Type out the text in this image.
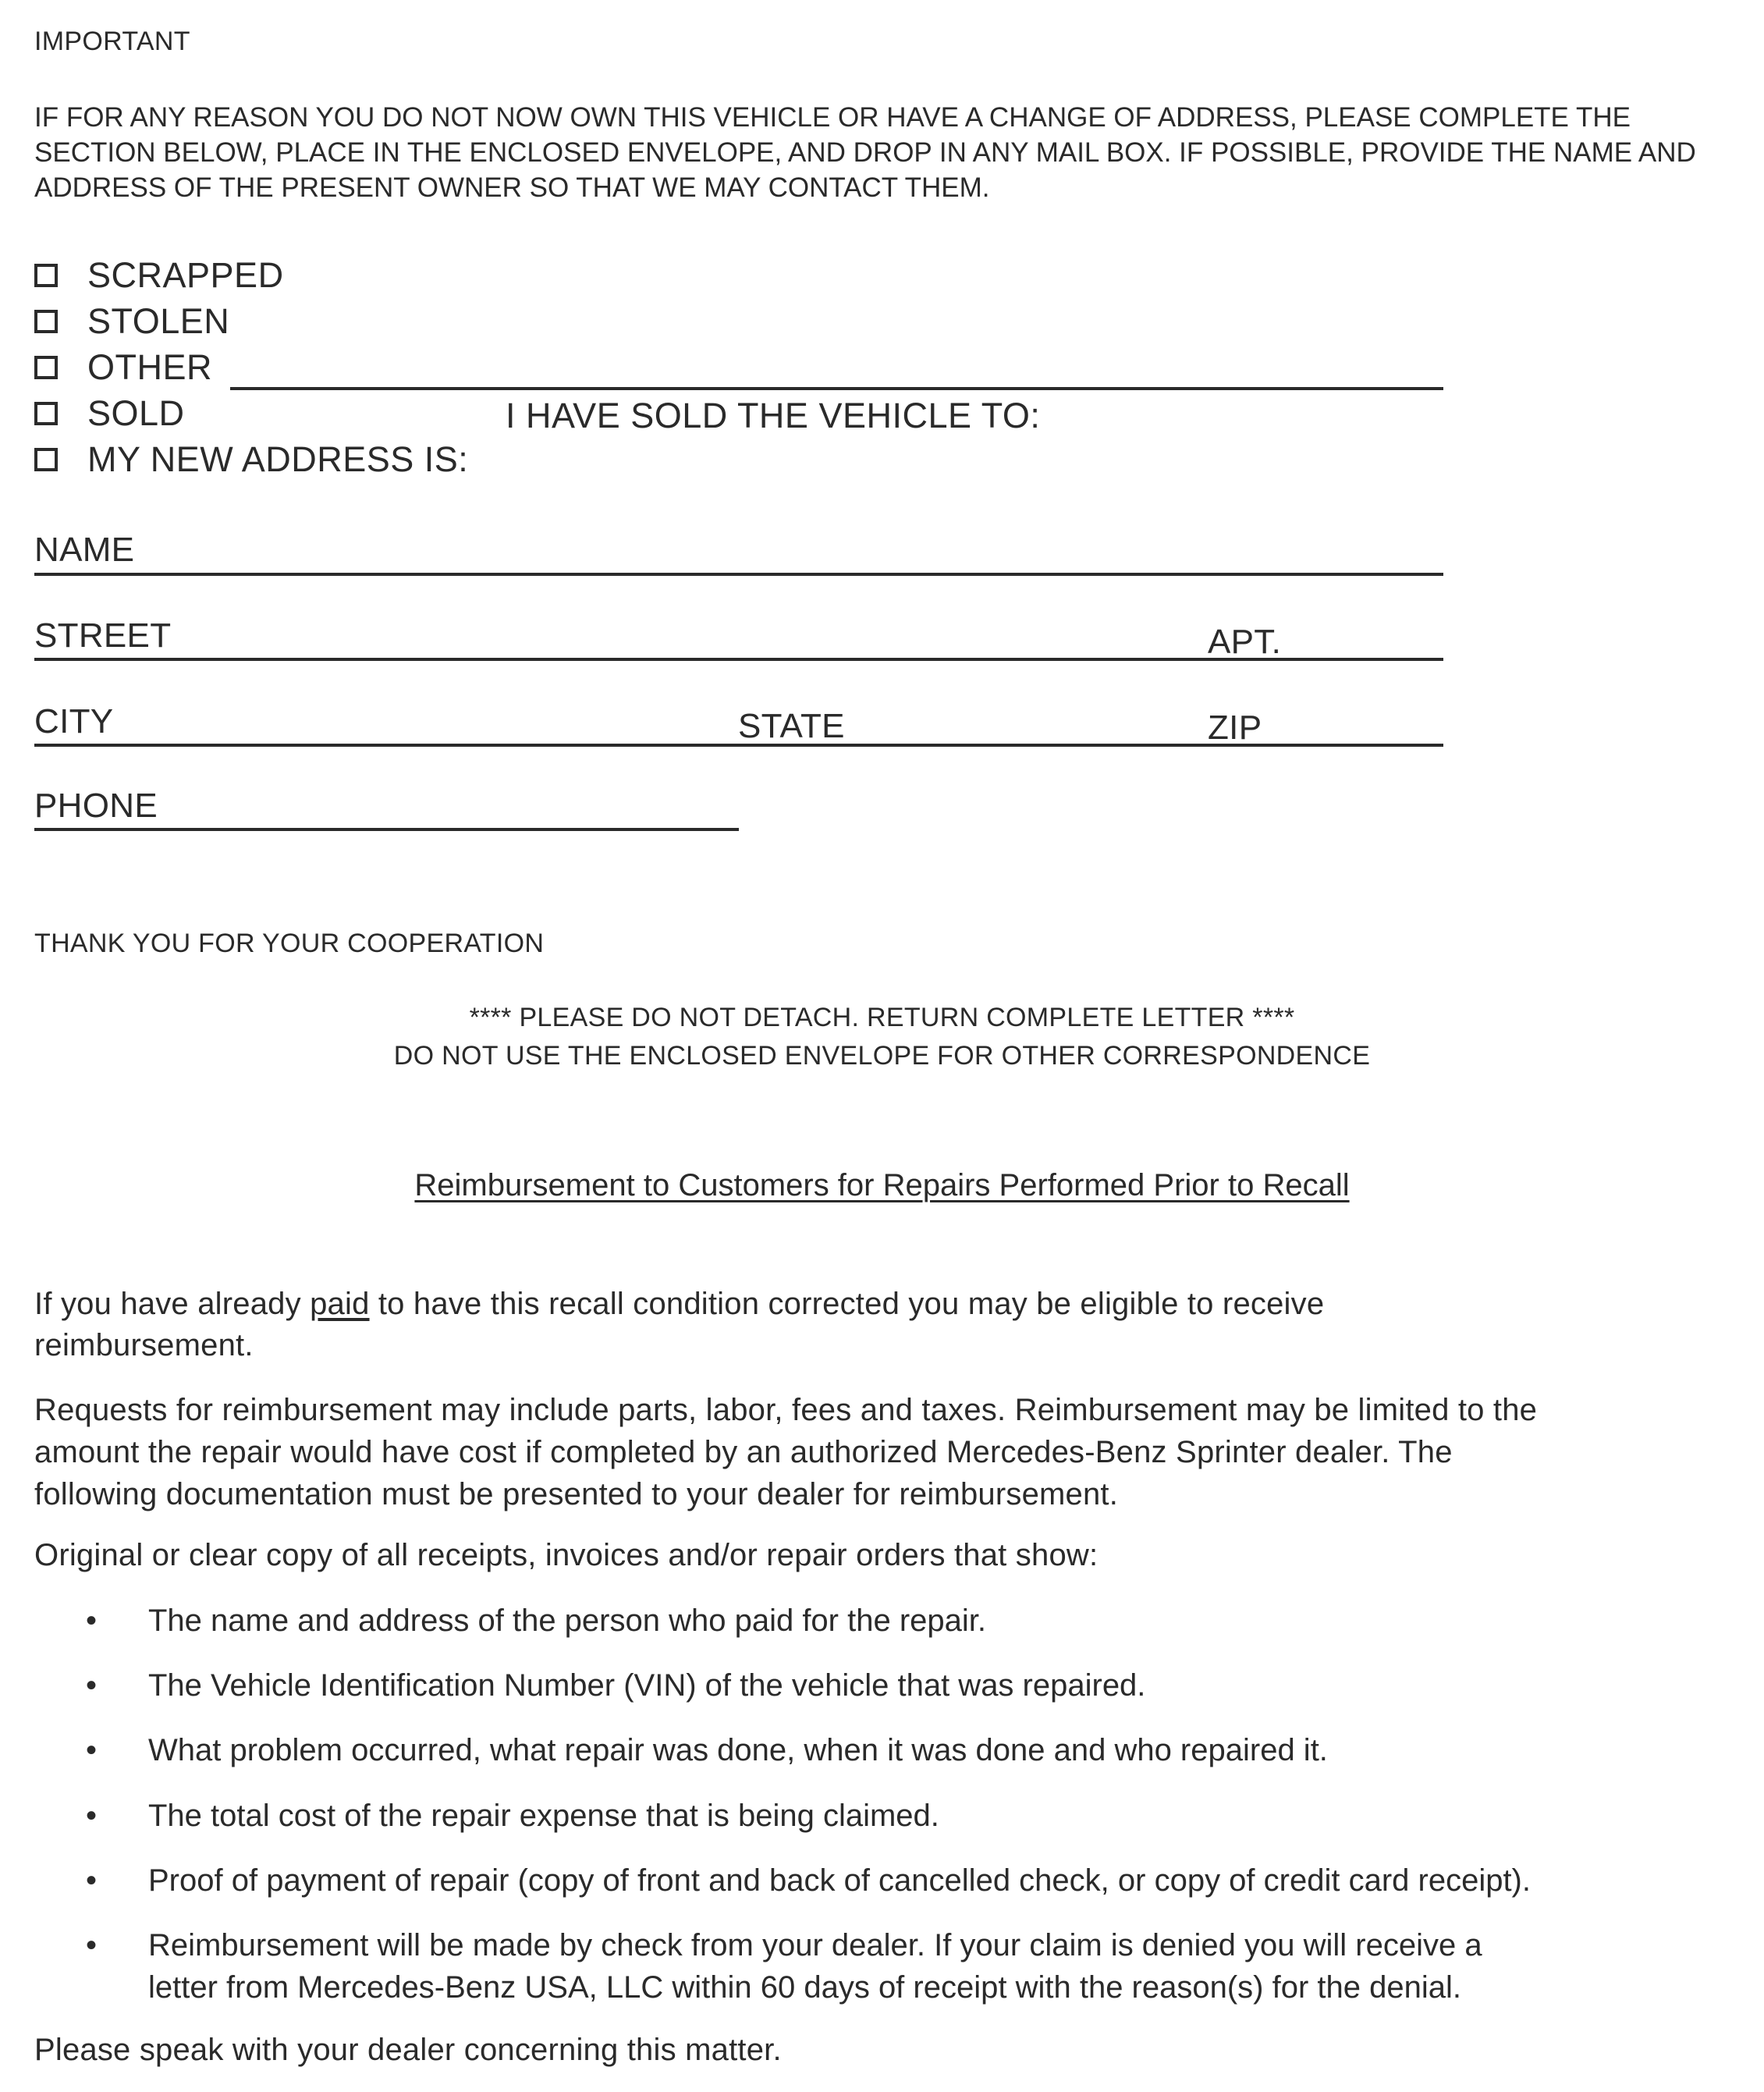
IMPORTANT

IF FOR ANY REASON YOU DO NOT NOW OWN THIS VEHICLE OR HAVE A CHANGE OF ADDRESS, PLEASE COMPLETE THE

SECTION BELOW, PLACE IN THE ENCLOSED ENVELOPE, AND DROP IN ANY MAIL BOX. IF POSSIBLE, PROVIDE THE NAME AND

ADDRESS OF THE PRESENT OWNER SO THAT WE MAY CONTACT THEM.

SCRAPPED
STOLEN
OTHER
SOLD	I HAVE SOLD THE VEHICLE TO:
MY NEW ADDRESS IS:
NAME
STREET	APT.
CITY	STATE	ZIP
PHONE
THANK YOU FOR YOUR COOPERATION
**** PLEASE DO NOT DETACH. RETURN COMPLETE LETTER ****
DO NOT USE THE ENCLOSED ENVELOPE FOR OTHER CORRESPONDENCE
Reimbursement to Customers for Repairs Performed Prior to Recall
If you have already paid to have this recall condition corrected you may be eligible to receive
reimbursement.
Requests for reimbursement may include parts, labor, fees and taxes. Reimbursement may be limited to the
amount the repair would have cost if completed by an authorized Mercedes-Benz Sprinter dealer. The
following documentation must be presented to your dealer for reimbursement.
Original or clear copy of all receipts, invoices and/or repair orders that show:
•	The name and address of the person who paid for the repair.
•	The Vehicle Identification Number (VIN) of the vehicle that was repaired.
•	What problem occurred, what repair was done, when it was done and who repaired it.
•	The total cost of the repair expense that is being claimed.
•	Proof of payment of repair (copy of front and back of cancelled check, or copy of credit card receipt).
•	Reimbursement will be made by check from your dealer. If your claim is denied you will receive a
letter from Mercedes-Benz USA, LLC within 60 days of receipt with the reason(s) for the denial.
Please speak with your dealer concerning this matter.
